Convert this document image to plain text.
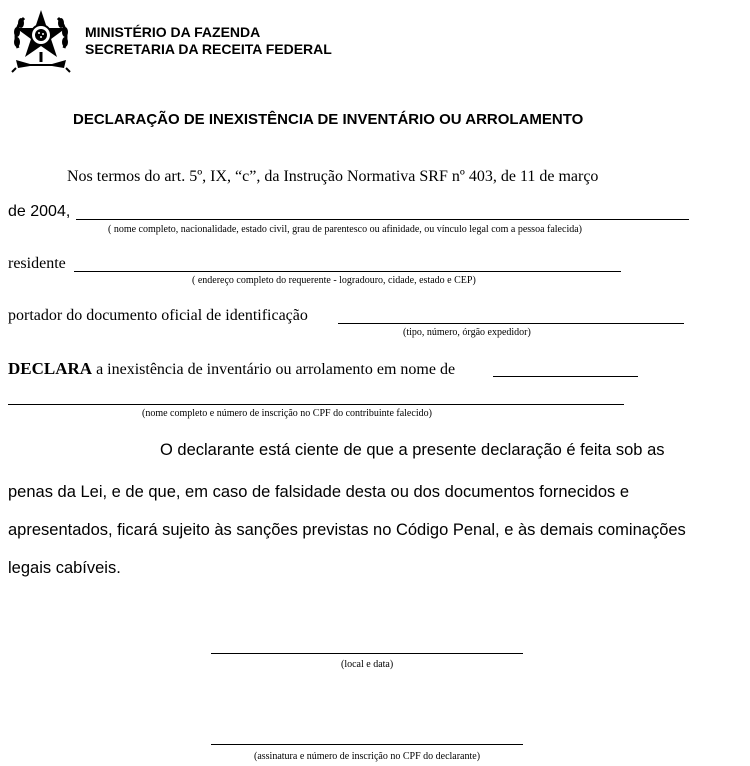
MINISTÉRIO DA FAZENDA
SECRETARIA DA RECEITA FEDERAL
DECLARAÇÃO DE INEXISTÊNCIA DE INVENTÁRIO OU ARROLAMENTO
Nos termos do art. 5º, IX, “c”, da Instrução Normativa SRF nº 403, de 11 de março
de 2004,
( nome completo, nacionalidade, estado civil, grau de parentesco ou afinidade, ou vínculo legal com a pessoa falecida)
residente
( endereço completo do requerente - logradouro, cidade, estado e CEP)
portador do documento oficial de identificação
(tipo, número, órgão expedidor)
DECLARA a inexistência de inventário ou arrolamento em nome de
(nome completo e número de inscrição no CPF do contribuinte falecido)
O declarante está ciente de que a presente declaração é feita sob as
penas da Lei, e de que, em caso de falsidade desta ou dos documentos fornecidos e
apresentados, ficará sujeito às sanções previstas no Código Penal, e às demais cominações
legais cabíveis.
(local e data)
(assinatura e número de inscrição no CPF do declarante)
